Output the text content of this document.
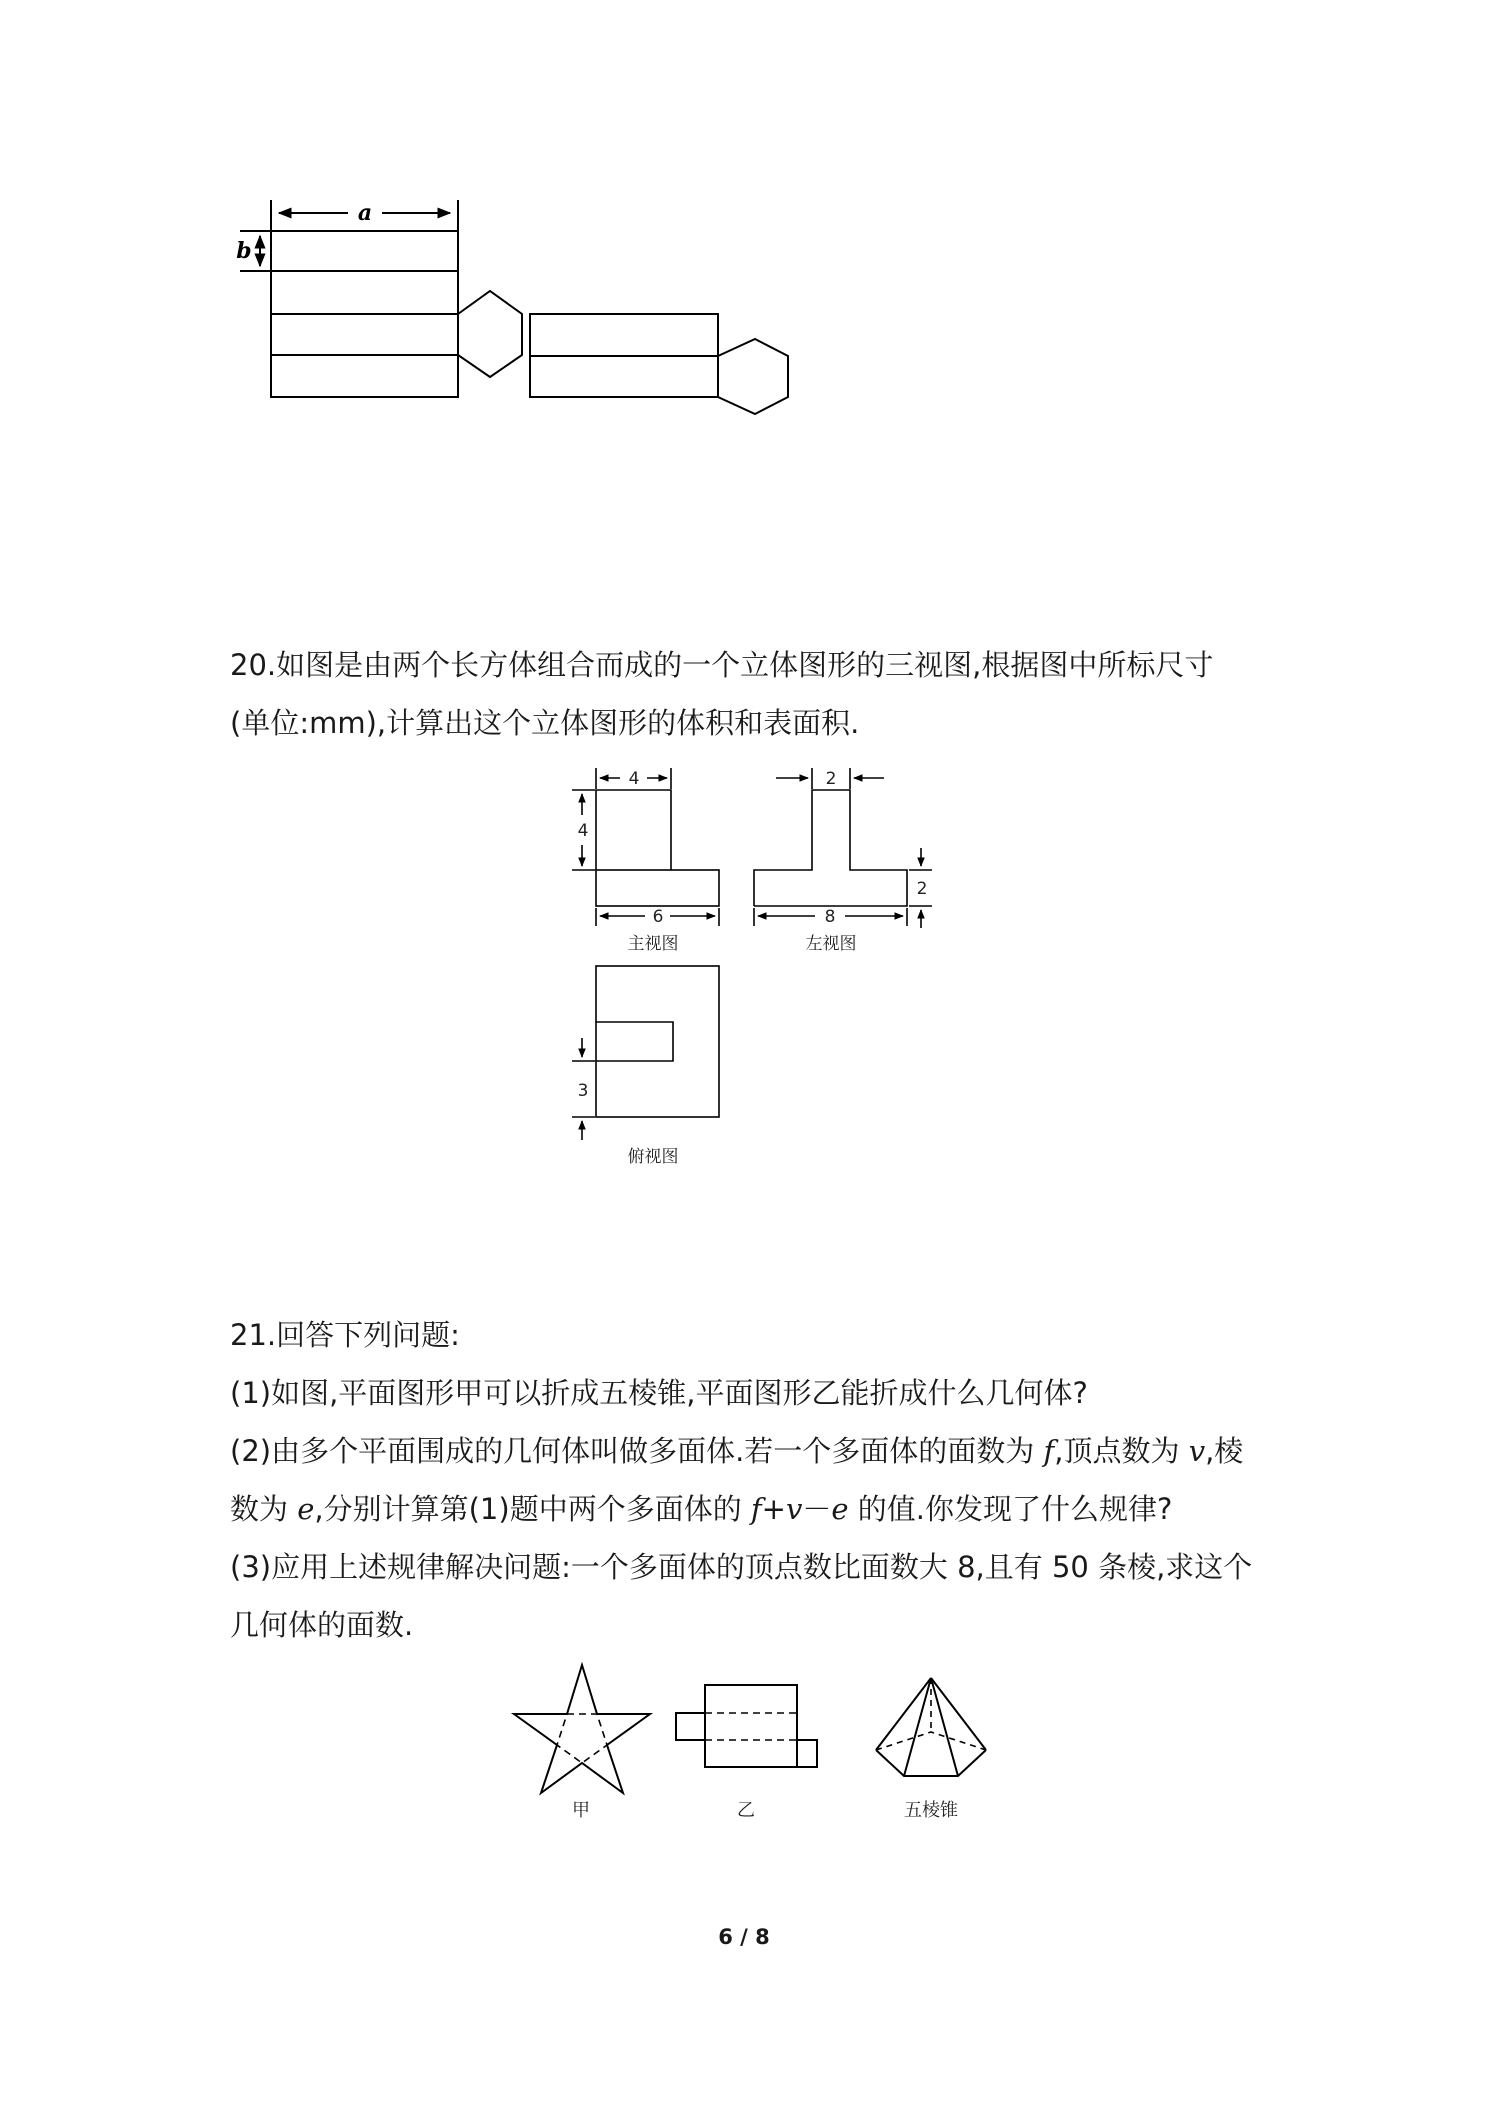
a
b

20.如图是由两个长方体组合而成的一个立体图形的三视图,根据图中所标尺寸

(单位:mm),计算出这个立体图形的体积和表面积.

4
4
6
主视图
2
2
8
左视图
3
俯视图

21.回答下列问题:

(1)如图,平面图形甲可以折成五棱锥,平面图形乙能折成什么几何体?

(2)由多个平面围成的几何体叫做多面体.若一个多面体的面数为 f,顶点数为 v,棱

数为 e,分别计算第(1)题中两个多面体的 f+v－e 的值.你发现了什么规律?

(3)应用上述规律解决问题:一个多面体的顶点数比面数大 8,且有 50 条棱,求这个

几何体的面数.

甲	乙	五棱锥
6 / 8
